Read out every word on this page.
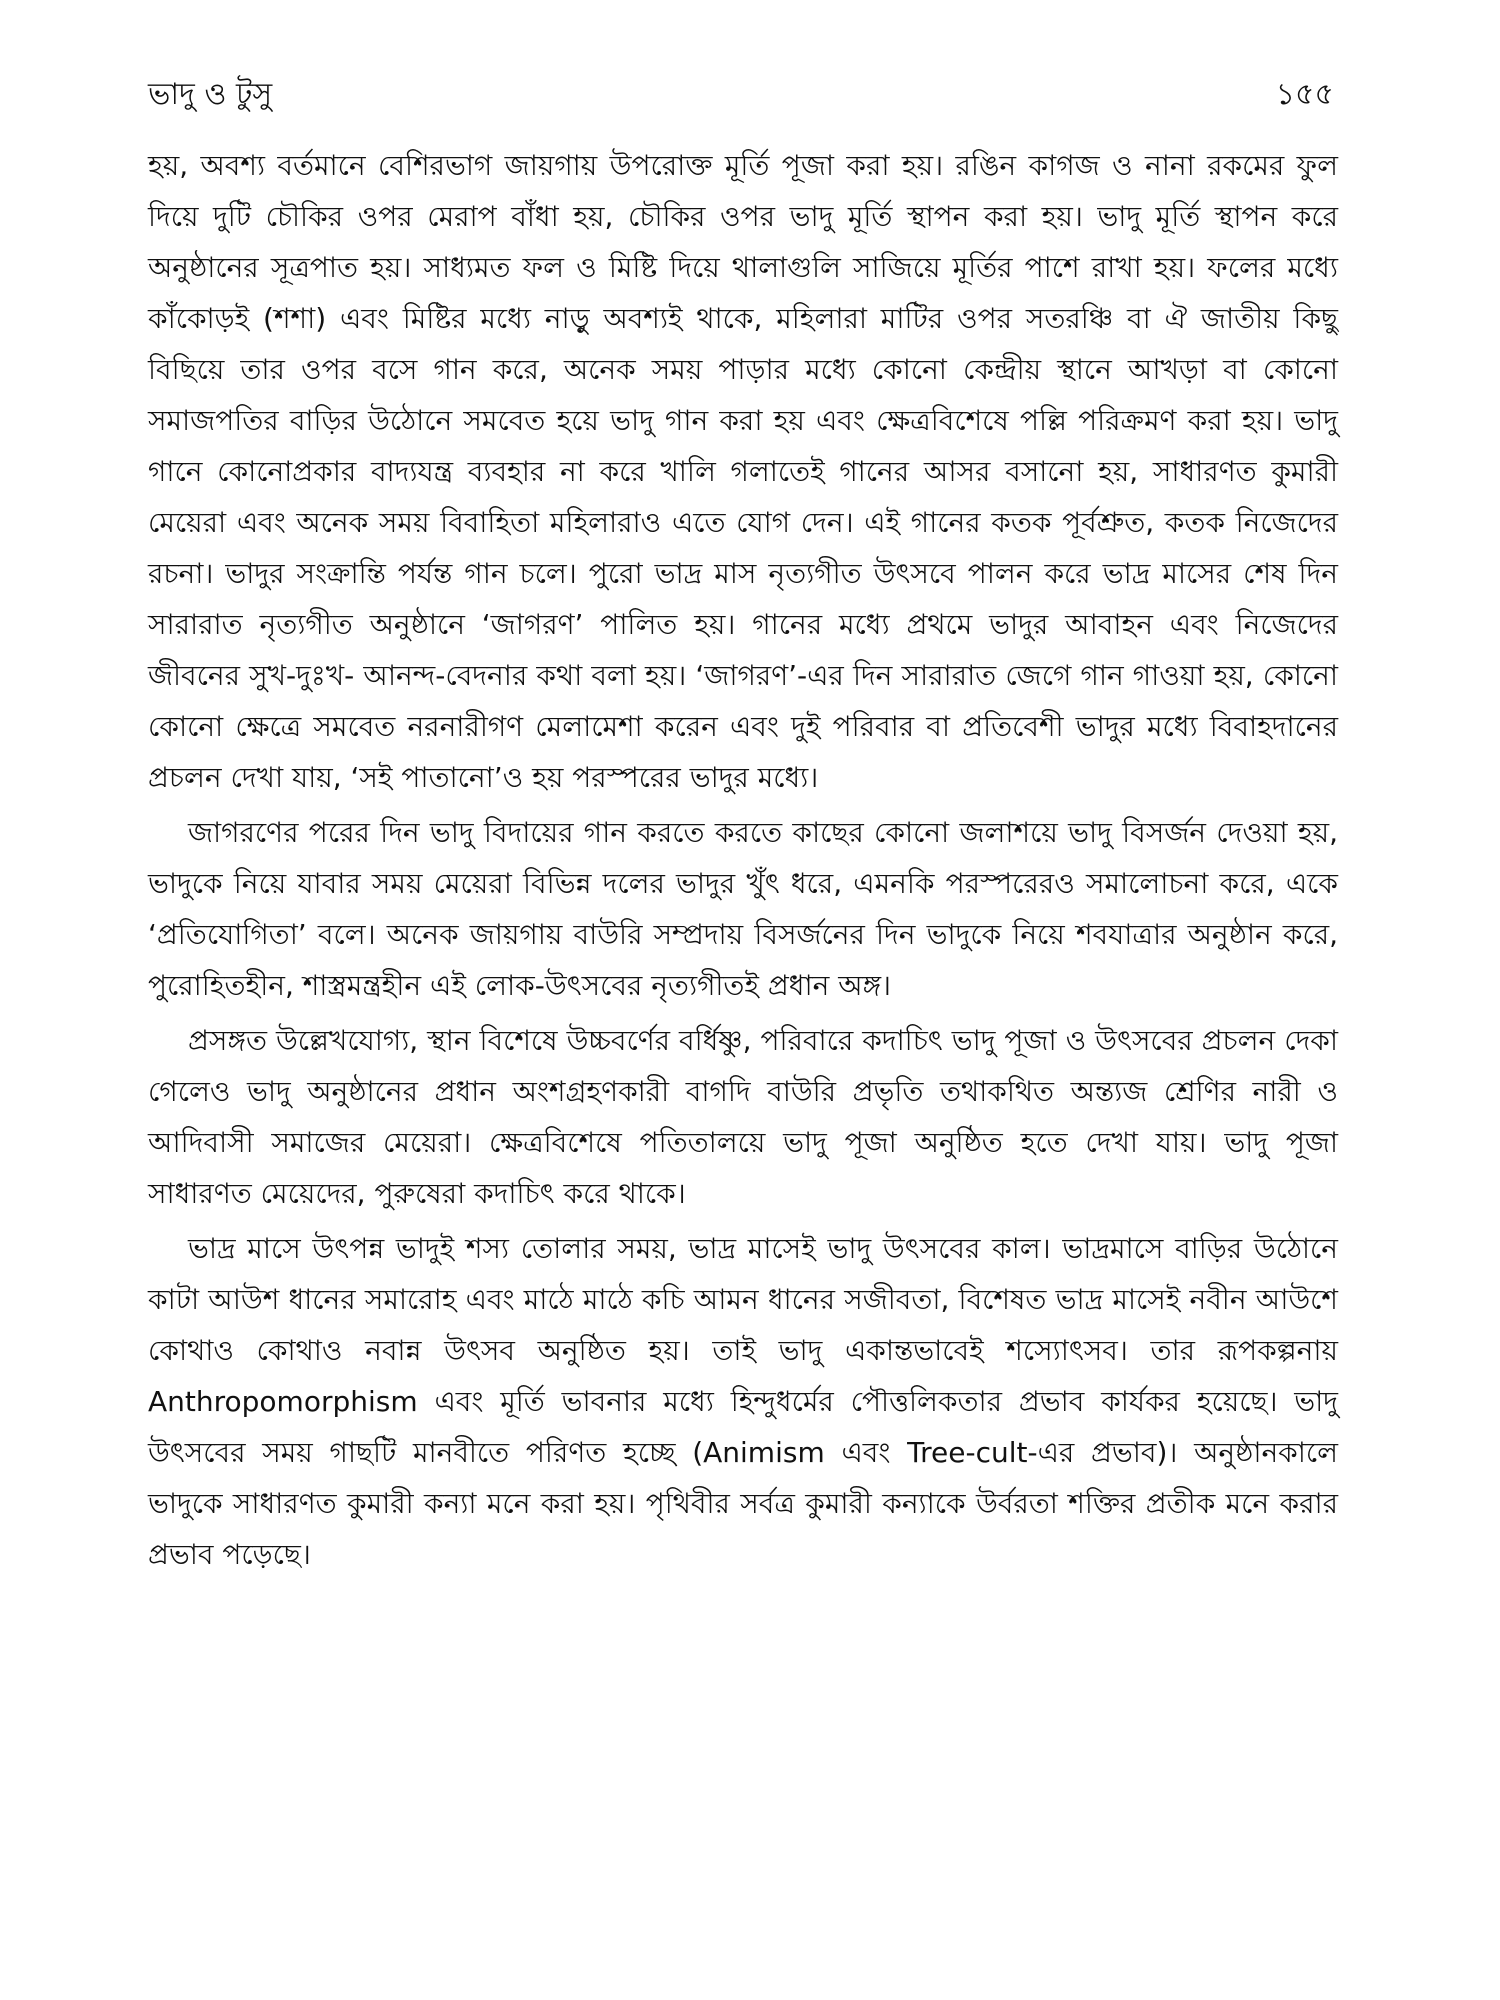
ভাদু ও টুসু	১৫৫

হয়, অবশ্য বর্তমানে বেশিরভাগ জায়গায় উপরোক্ত মূর্তি পূজা করা হয়। রঙিন কাগজ ও নানা রকমের ফুল দিয়ে দুটি চৌকির ওপর মেরাপ বাঁধা হয়, চৌকির ওপর ভাদু মূর্তি স্থাপন করা হয়। ভাদু মূর্তি স্থাপন করে অনুষ্ঠানের সূত্রপাত হয়। সাধ্যমত ফল ও মিষ্টি দিয়ে থালাগুলি সাজিয়ে মূর্তির পাশে রাখা হয়। ফলের মধ্যে কাঁকোড়ই (শশা) এবং মিষ্টির মধ্যে নাড়ু অবশ্যই থাকে, মহিলারা মাটির ওপর সতরঞ্চি বা ঐ জাতীয় কিছু বিছিয়ে তার ওপর বসে গান করে, অনেক সময় পাড়ার মধ্যে কোনো কেন্দ্রীয় স্থানে আখড়া বা কোনো সমাজপতির বাড়ির উঠোনে সমবেত হয়ে ভাদু গান করা হয় এবং ক্ষেত্রবিশেষে পল্লি পরিক্রমণ করা হয়। ভাদু গানে কোনোপ্রকার বাদ্যযন্ত্র ব্যবহার না করে খালি গলাতেই গানের আসর বসানো হয়, সাধারণত কুমারী মেয়েরা এবং অনেক সময় বিবাহিতা মহিলারাও এতে যোগ দেন। এই গানের কতক পূর্বশ্রুত, কতক নিজেদের রচনা। ভাদুর সংক্রান্তি পর্যন্ত গান চলে। পুরো ভাদ্র মাস নৃত্যগীত উৎসবে পালন করে ভাদ্র মাসের শেষ দিন সারারাত নৃত্যগীত অনুষ্ঠানে ‘জাগরণ’ পালিত হয়। গানের মধ্যে প্রথমে ভাদুর আবাহন এবং নিজেদের জীবনের সুখ-দুঃখ- আনন্দ-বেদনার কথা বলা হয়। ‘জাগরণ’-এর দিন সারারাত জেগে গান গাওয়া হয়, কোনো কোনো ক্ষেত্রে সমবেত নরনারীগণ মেলামেশা করেন এবং দুই পরিবার বা প্রতিবেশী ভাদুর মধ্যে বিবাহদানের প্রচলন দেখা যায়, ‘সই পাতানো’ও হয় পরস্পরের ভাদুর মধ্যে।

জাগরণের পরের দিন ভাদু বিদায়ের গান করতে করতে কাছের কোনো জলাশয়ে ভাদু বিসর্জন দেওয়া হয়, ভাদুকে নিয়ে যাবার সময় মেয়েরা বিভিন্ন দলের ভাদুর খুঁৎ ধরে, এমনকি পরস্পরেরও সমালোচনা করে, একে ‘প্রতিযোগিতা’ বলে। অনেক জায়গায় বাউরি সম্প্রদায় বিসর্জনের দিন ভাদুকে নিয়ে শবযাত্রার অনুষ্ঠান করে, পুরোহিতহীন, শাস্ত্রমন্ত্রহীন এই লোক-উৎসবের নৃত্যগীতই প্রধান অঙ্গ।

প্রসঙ্গত উল্লেখযোগ্য, স্থান বিশেষে উচ্চবর্ণের বর্ধিষ্ণু, পরিবারে কদাচিৎ ভাদু পূজা ও উৎসবের প্রচলন দেকা গেলেও ভাদু অনুষ্ঠানের প্রধান অংশগ্রহণকারী বাগদি বাউরি প্রভৃতি তথাকথিত অন্ত্যজ শ্রেণির নারী ও আদিবাসী সমাজের মেয়েরা। ক্ষেত্রবিশেষে পতিতালয়ে ভাদু পূজা অনুষ্ঠিত হতে দেখা যায়। ভাদু পূজা সাধারণত মেয়েদের, পুরুষেরা কদাচিৎ করে থাকে।

ভাদ্র মাসে উৎপন্ন ভাদুই শস্য তোলার সময়, ভাদ্র মাসেই ভাদু উৎসবের কাল। ভাদ্রমাসে বাড়ির উঠোনে কাটা আউশ ধানের সমারোহ এবং মাঠে মাঠে কচি আমন ধানের সজীবতা, বিশেষত ভাদ্র মাসেই নবীন আউশে কোথাও কোথাও নবান্ন উৎসব অনুষ্ঠিত হয়। তাই ভাদু একান্তভাবেই শস্যোৎসব। তার রূপকল্পনায় Anthropomorphism এবং মূর্তি ভাবনার মধ্যে হিন্দুধর্মের পৌত্তলিকতার প্রভাব কার্যকর হয়েছে। ভাদু উৎসবের সময় গাছটি মানবীতে পরিণত হচ্ছে (Animism এবং Tree-cult-এর প্রভাব)। অনুষ্ঠানকালে ভাদুকে সাধারণত কুমারী কন্যা মনে করা হয়। পৃথিবীর সর্বত্র কুমারী কন্যাকে উর্বরতা শক্তির প্রতীক মনে করার প্রভাব পড়েছে।
